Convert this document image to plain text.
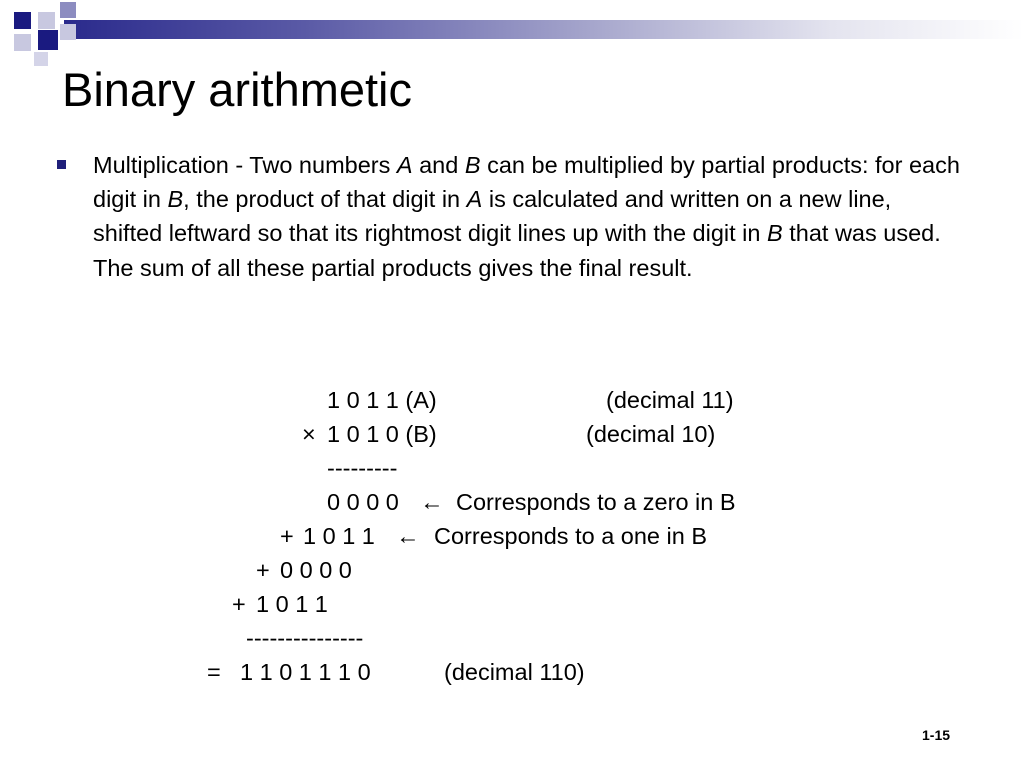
Binary arithmetic
Multiplication - Two numbers A and B can be multiplied by partial products: for each digit in B, the product of that digit in A is calculated and written on a new line, shifted leftward so that its rightmost digit lines up with the digit in B that was used. The sum of all these partial products gives the final result.
1 0 1 1 (A)	(decimal 11)
× 1 0 1 0 (B)	(decimal 10)
---------
0 0 0 0 ← Corresponds to a zero in B
+ 1 0 1 1 ← Corresponds to a one in B
+ 0 0 0 0
+ 1 0 1 1
---------------
= 1 1 0 1 1 1 0	(decimal 110)
1-15
